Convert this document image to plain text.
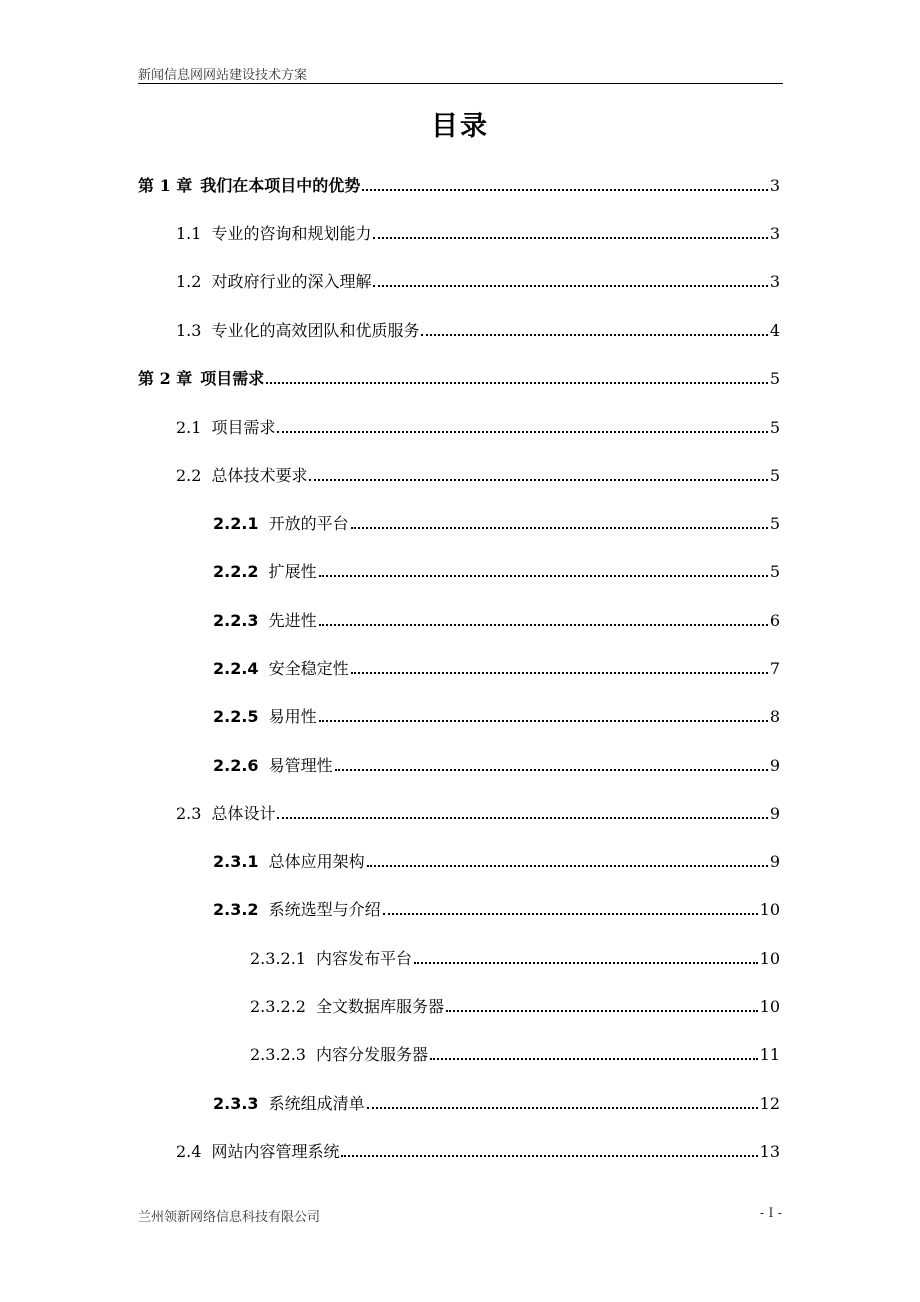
新闻信息网网站建设技术方案
目录
第 1 章 我们在本项目中的优势	3
1.1 专业的咨询和规划能力	3
1.2 对政府行业的深入理解	3
1.3 专业化的高效团队和优质服务	4
第 2 章 项目需求	5
2.1 项目需求	5
2.2 总体技术要求	5
2.2.1 开放的平台	5
2.2.2 扩展性	5
2.2.3 先进性	6
2.2.4 安全稳定性	7
2.2.5 易用性	8
2.2.6 易管理性	9
2.3 总体设计	9
2.3.1 总体应用架构	9
2.3.2 系统选型与介绍	10
2.3.2.1 内容发布平台	10
2.3.2.2 全文数据库服务器	10
2.3.2.3 内容分发服务器	11
2.3.3 系统组成清单	12
2.4 网站内容管理系统	13
兰州领新网络信息科技有限公司	- I -
